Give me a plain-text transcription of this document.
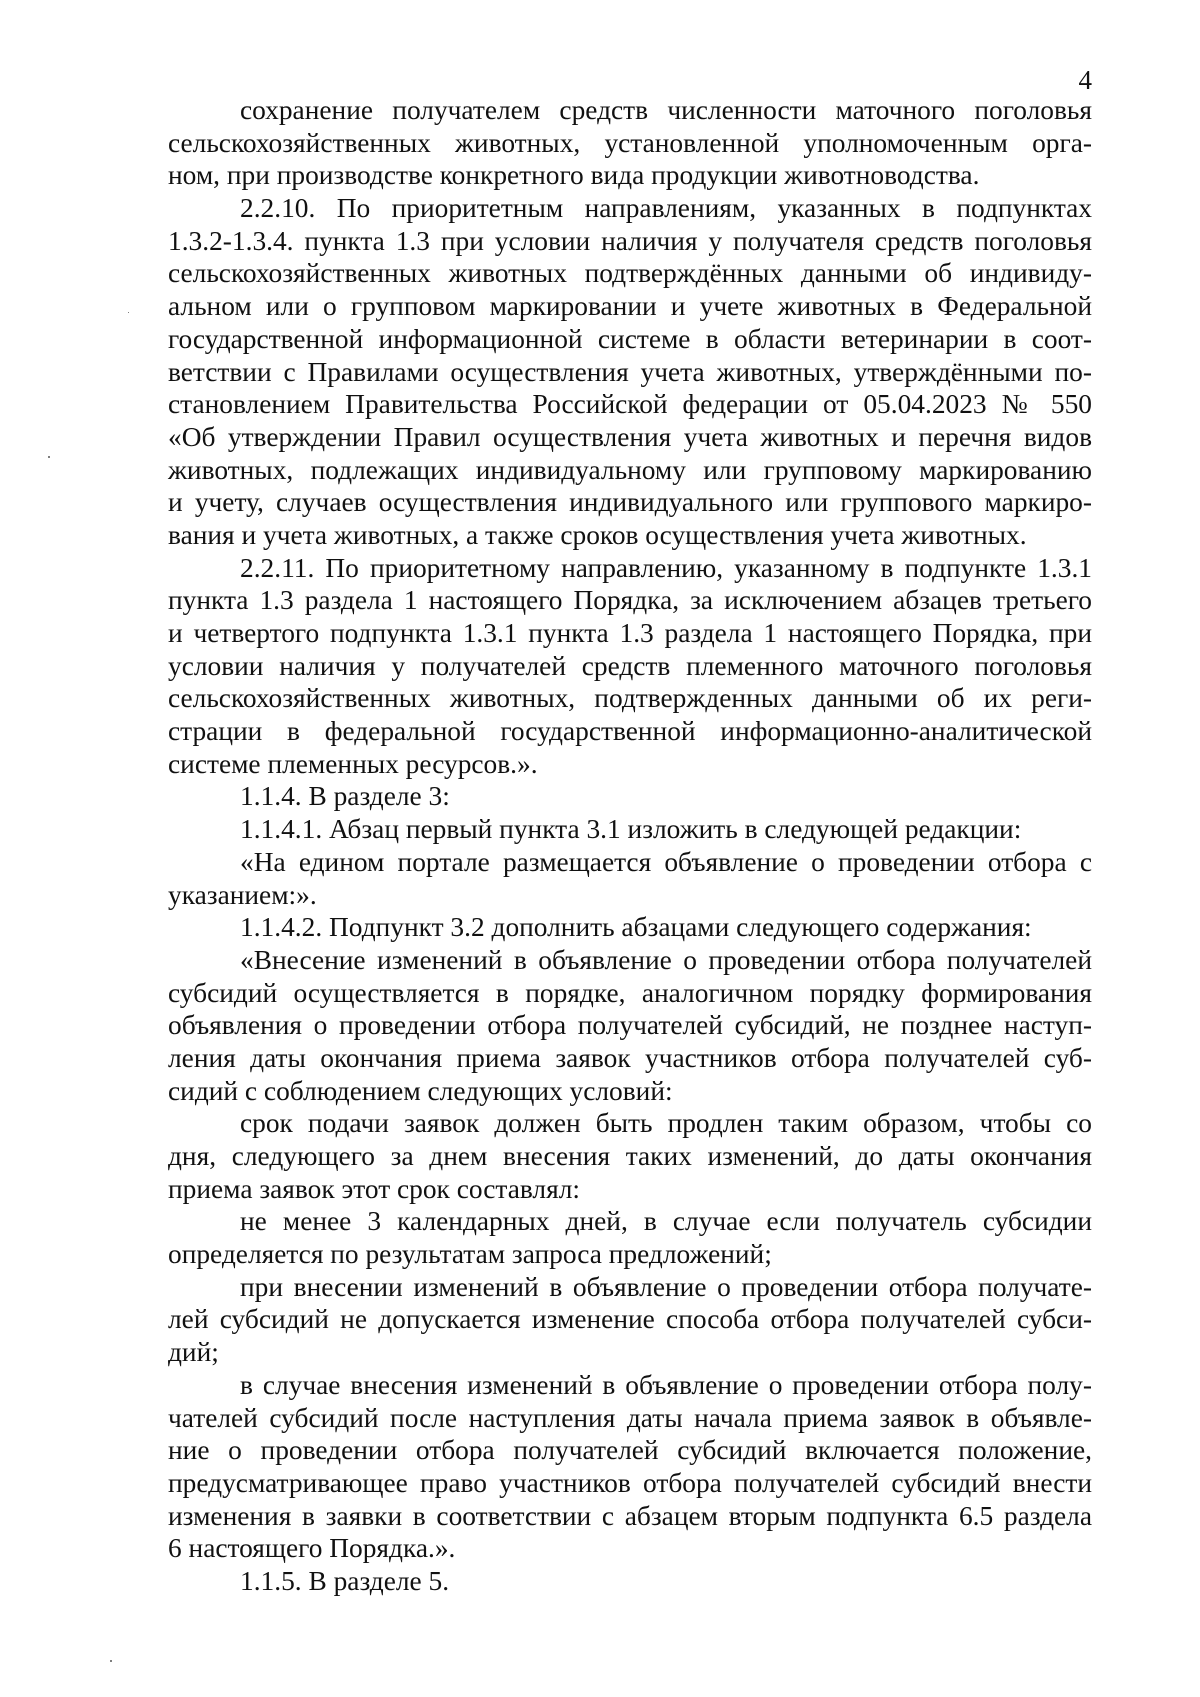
4
сохранение получателем средств численности маточного поголовья
сельскохозяйственных животных, установленной уполномоченным орга-
ном, при производстве конкретного вида продукции животноводства.
2.2.10. По приоритетным направлениям, указанных в подпунктах
1.3.2-1.3.4. пункта 1.3 при условии наличия у получателя средств поголовья
сельскохозяйственных животных подтверждённых данными об индивиду-
альном или о групповом маркировании и учете животных в Федеральной
государственной информационной системе в области ветеринарии в соот-
ветствии с Правилами осуществления учета животных, утверждёнными по-
становлением Правительства Российской федерации от 05.04.2023 № 550
«Об утверждении Правил осуществления учета животных и перечня видов
животных, подлежащих индивидуальному или групповому маркированию
и учету, случаев осуществления индивидуального или группового маркиро-
вания и учета животных, а также сроков осуществления учета животных.
2.2.11. По приоритетному направлению, указанному в подпункте 1.3.1
пункта 1.3 раздела 1 настоящего Порядка, за исключением абзацев третьего
и четвертого подпункта 1.3.1 пункта 1.3 раздела 1 настоящего Порядка, при
условии наличия у получателей средств племенного маточного поголовья
сельскохозяйственных животных, подтвержденных данными об их реги-
страции в федеральной государственной информационно-аналитической
системе племенных ресурсов.».
1.1.4. В разделе 3:
1.1.4.1. Абзац первый пункта 3.1 изложить в следующей редакции:
«На едином портале размещается объявление о проведении отбора с
указанием:».
1.1.4.2. Подпункт 3.2 дополнить абзацами следующего содержания:
«Внесение изменений в объявление о проведении отбора получателей
субсидий осуществляется в порядке, аналогичном порядку формирования
объявления о проведении отбора получателей субсидий, не позднее наступ-
ления даты окончания приема заявок участников отбора получателей суб-
сидий с соблюдением следующих условий:
срок подачи заявок должен быть продлен таким образом, чтобы со
дня, следующего за днем внесения таких изменений, до даты окончания
приема заявок этот срок составлял:
не менее 3 календарных дней, в случае если получатель субсидии
определяется по результатам запроса предложений;
при внесении изменений в объявление о проведении отбора получате-
лей субсидий не допускается изменение способа отбора получателей субси-
дий;
в случае внесения изменений в объявление о проведении отбора полу-
чателей субсидий после наступления даты начала приема заявок в объявле-
ние о проведении отбора получателей субсидий включается положение,
предусматривающее право участников отбора получателей субсидий внести
изменения в заявки в соответствии с абзацем вторым подпункта 6.5 раздела
6 настоящего Порядка.».
1.1.5. В разделе 5.
